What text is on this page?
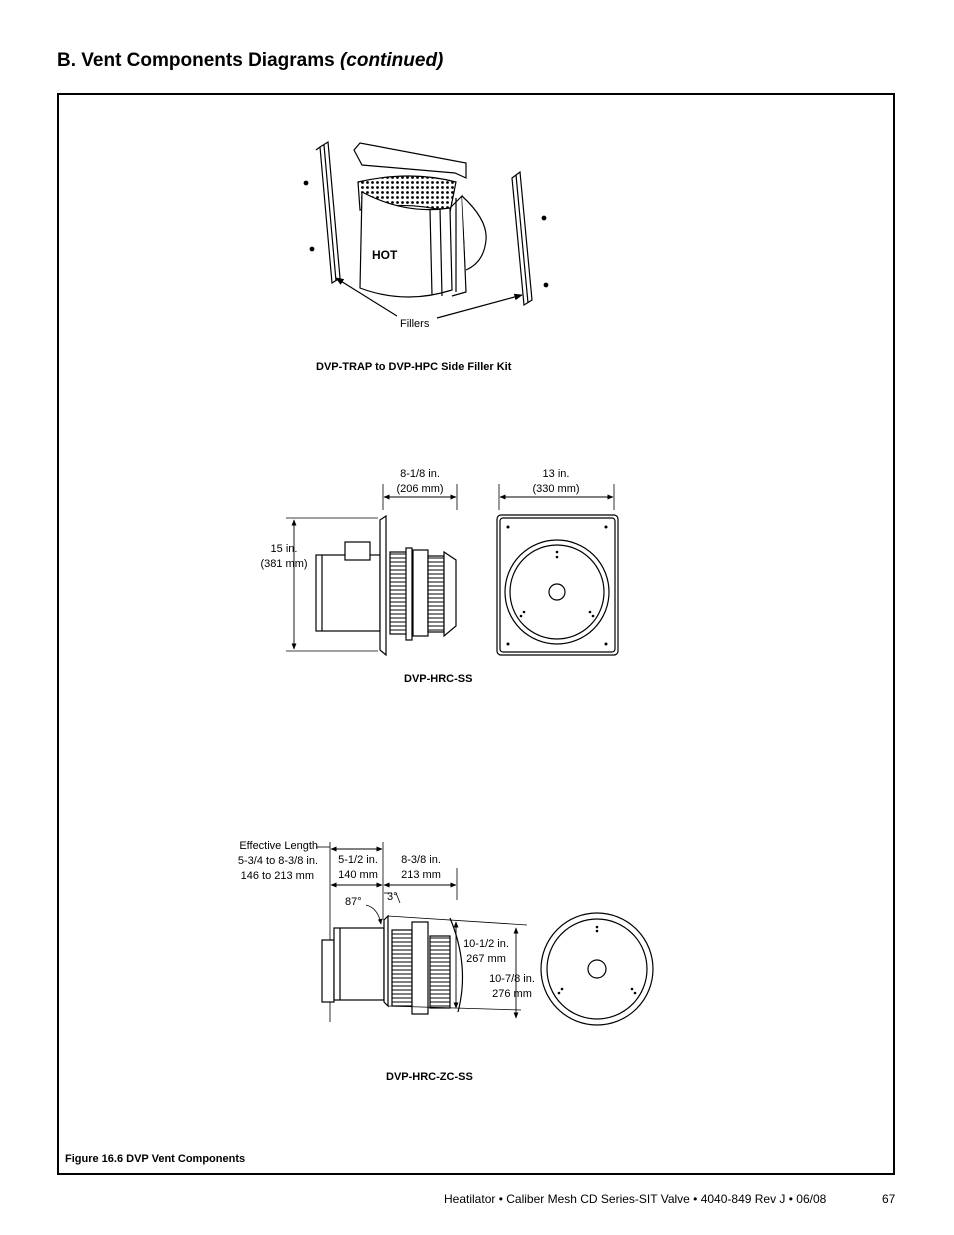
B. Vent Components Diagrams (continued)
HOT
Fillers
DVP-TRAP to DVP-HPC Side Filler Kit
8-1/8 in.
(206 mm)
13 in.
(330 mm)
15 in.
(381 mm)
DVP-HRC-SS
Effective Length
5-3/4 to 8-3/8 in.
146 to 213 mm
5-1/2 in.
140 mm
8-3/8 in.
213 mm
87° 3°
10-1/2 in.
267 mm
10-7/8 in.
276 mm
DVP-HRC-ZC-SS
Figure 16.6 DVP Vent Components
Heatilator • Caliber Mesh CD Series-SIT Valve • 4040-849 Rev J • 06/08	67
